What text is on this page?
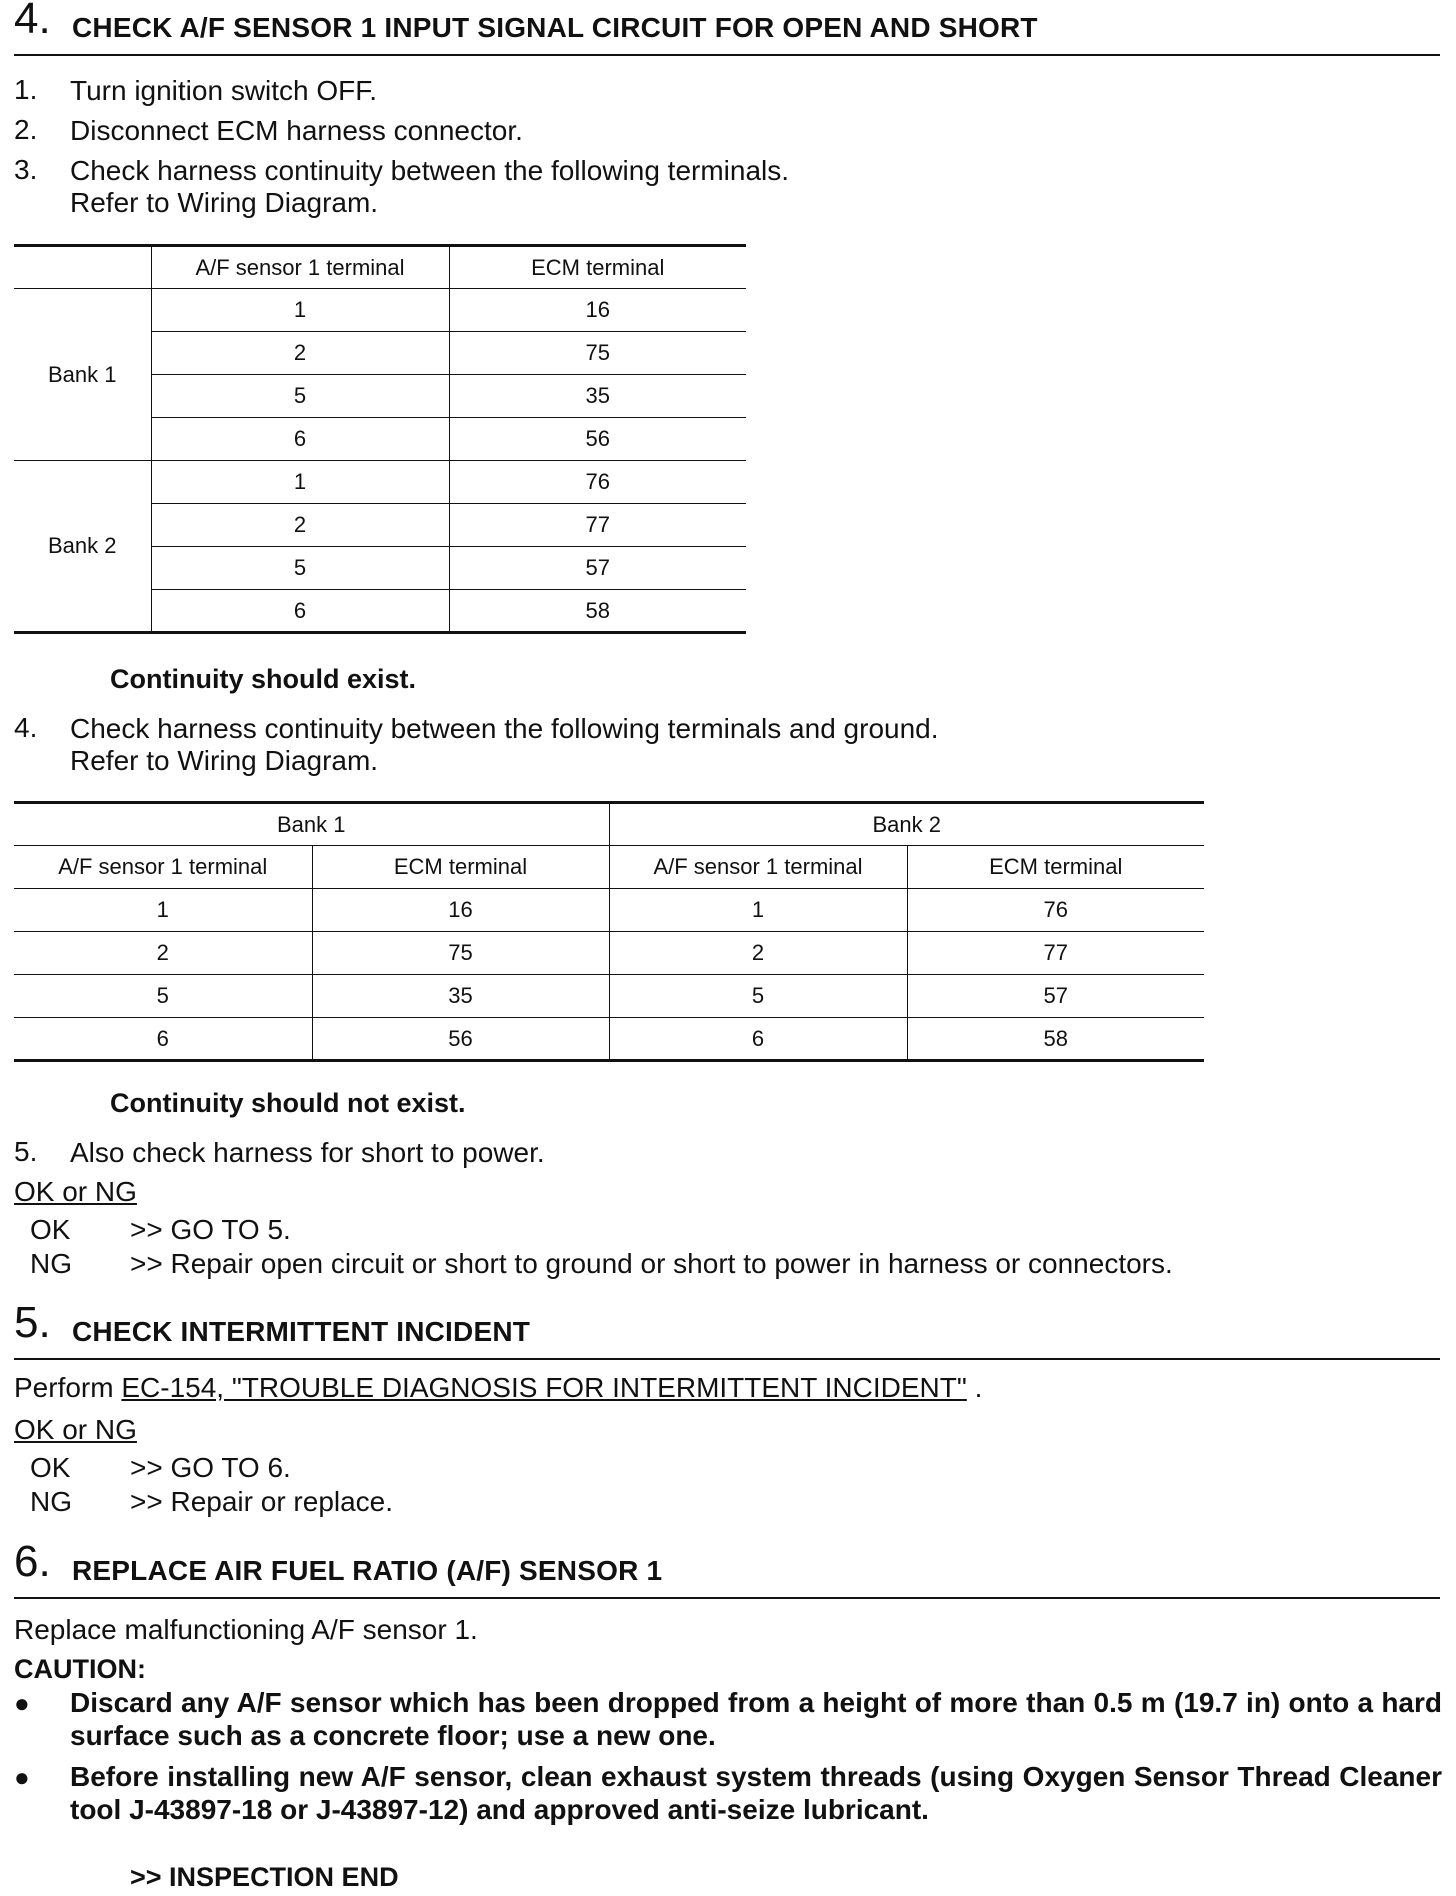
4. CHECK A/F SENSOR 1 INPUT SIGNAL CIRCUIT FOR OPEN AND SHORT
1. Turn ignition switch OFF.
2. Disconnect ECM harness connector.
3. Check harness continuity between the following terminals.
Refer to Wiring Diagram.
	A/F sensor 1 terminal	ECM terminal
Bank 1	1	16
	2	75
	5	35
	6	56
Bank 2	1	76
	2	77
	5	57
	6	58
Continuity should exist.
4. Check harness continuity between the following terminals and ground.
Refer to Wiring Diagram.
Bank 1		Bank 2	
A/F sensor 1 terminal	ECM terminal	A/F sensor 1 terminal	ECM terminal
1	16	1	76
2	75	2	77
5	35	5	57
6	56	6	58
Continuity should not exist.
5. Also check harness for short to power.
OK or NG
OK >> GO TO 5.
NG >> Repair open circuit or short to ground or short to power in harness or connectors.
5. CHECK INTERMITTENT INCIDENT
Perform EC-154, "TROUBLE DIAGNOSIS FOR INTERMITTENT INCIDENT" .
OK or NG
OK >> GO TO 6.
NG >> Repair or replace.
6. REPLACE AIR FUEL RATIO (A/F) SENSOR 1
Replace malfunctioning A/F sensor 1.
CAUTION:
● Discard any A/F sensor which has been dropped from a height of more than 0.5 m (19.7 in) onto a hard surface such as a concrete floor; use a new one.
● Before installing new A/F sensor, clean exhaust system threads (using Oxygen Sensor Thread Cleaner tool J-43897-18 or J-43897-12) and approved anti-seize lubricant.
>> INSPECTION END
